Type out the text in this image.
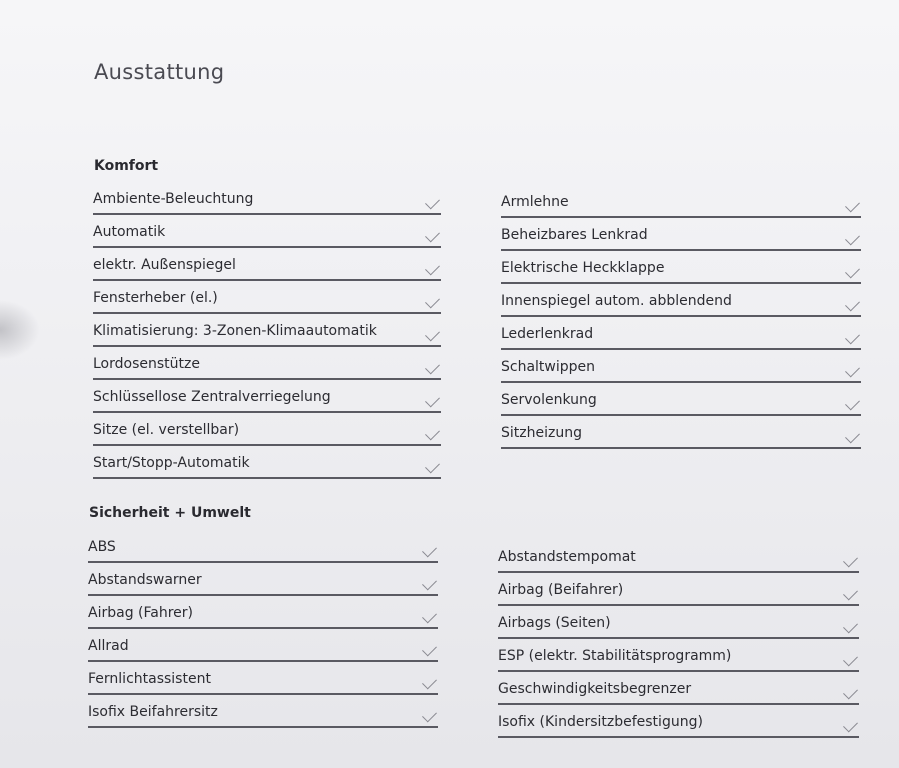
Ausstattung
Komfort
Ambiente-Beleuchtung
Automatik
elektr. Außenspiegel
Fensterheber (el.)
Klimatisierung: 3-Zonen-Klimaautomatik
Lordosenstütze
Schlüssellose Zentralverriegelung
Sitze (el. verstellbar)
Start/Stopp-Automatik
Armlehne
Beheizbares Lenkrad
Elektrische Heckklappe
Innenspiegel autom. abblendend
Lederlenkrad
Schaltwippen
Servolenkung
Sitzheizung
Sicherheit + Umwelt
ABS
Abstandswarner
Airbag (Fahrer)
Allrad
Fernlichtassistent
Isofix Beifahrersitz
Abstandstempomat
Airbag (Beifahrer)
Airbags (Seiten)
ESP (elektr. Stabilitätsprogramm)
Geschwindigkeitsbegrenzer
Isofix (Kindersitzbefestigung)
